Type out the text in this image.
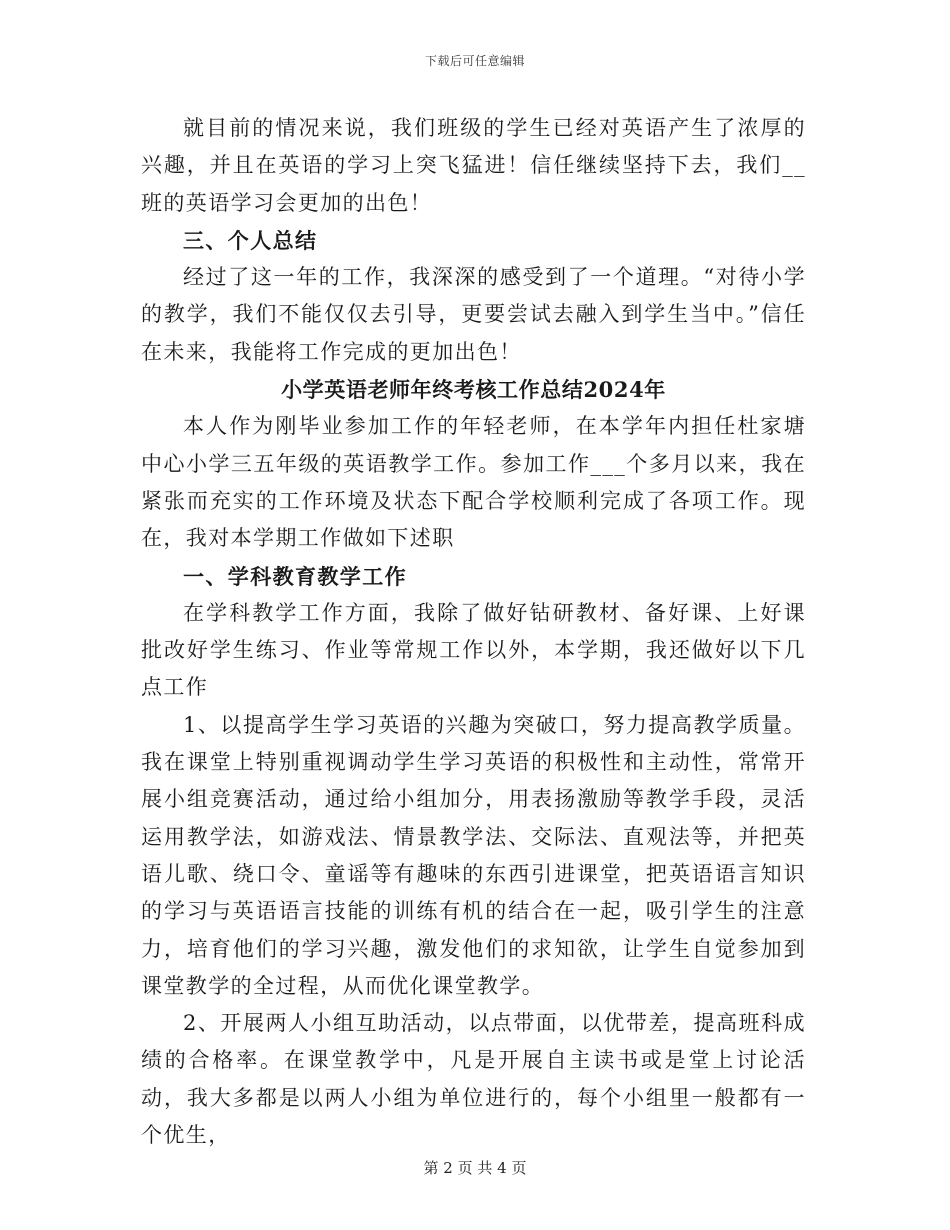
下载后可任意编辑

就目前的情况来说，我们班级的学生已经对英语产生了浓厚的兴趣，并且在英语的学习上突飞猛进！信任继续坚持下去，我们__班的英语学习会更加的出色！

三、个人总结

经过了这一年的工作，我深深的感受到了一个道理。“对待小学的教学，我们不能仅仅去引导，更要尝试去融入到学生当中。”信任在未来，我能将工作完成的更加出色！

小学英语老师年终考核工作总结2024年

本人作为刚毕业参加工作的年轻老师，在本学年内担任杜家塘中心小学三五年级的英语教学工作。参加工作___个多月以来，我在紧张而充实的工作环境及状态下配合学校顺利完成了各项工作。现在，我对本学期工作做如下述职

一、学科教育教学工作

在学科教学工作方面，我除了做好钻研教材、备好课、上好课批改好学生练习、作业等常规工作以外，本学期，我还做好以下几点工作

1、以提高学生学习英语的兴趣为突破口，努力提高教学质量。我在课堂上特别重视调动学生学习英语的积极性和主动性，常常开展小组竞赛活动，通过给小组加分，用表扬激励等教学手段，灵活运用教学法，如游戏法、情景教学法、交际法、直观法等，并把英语儿歌、绕口令、童谣等有趣味的东西引进课堂，把英语语言知识的学习与英语语言技能的训练有机的结合在一起，吸引学生的注意力，培育他们的学习兴趣，激发他们的求知欲，让学生自觉参加到课堂教学的全过程，从而优化课堂教学。

2、开展两人小组互助活动，以点带面，以优带差，提高班科成绩的合格率。在课堂教学中，凡是开展自主读书或是堂上讨论活动，我大多都是以两人小组为单位进行的，每个小组里一般都有一个优生，

第 2 页 共 4 页
